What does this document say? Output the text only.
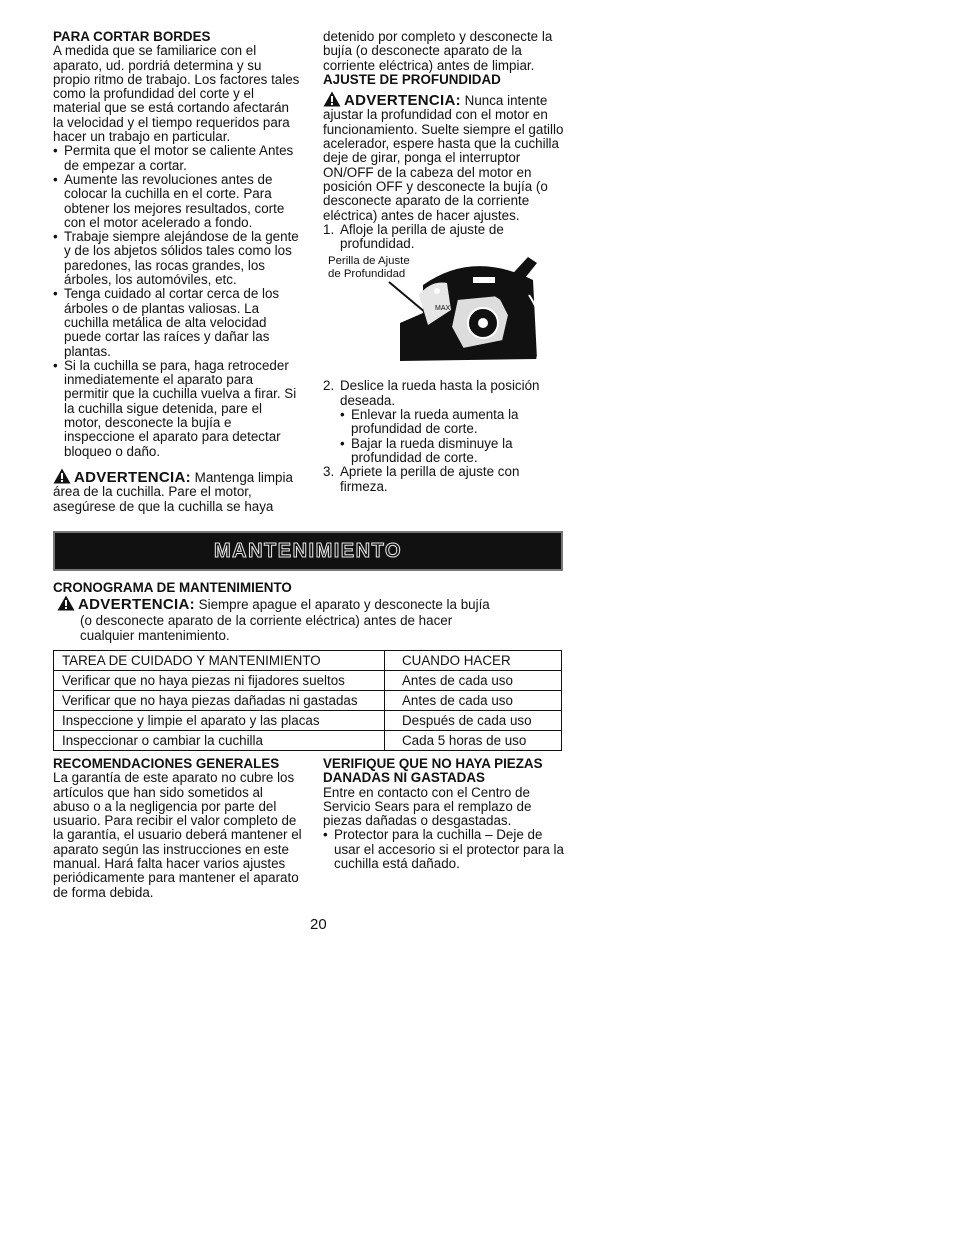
PARA CORTAR BORDES

A medida que se familiarice con el aparato, ud. pordriá determina y su propio ritmo de trabajo. Los factores tales como la profundidad del corte y el material que se está cortando afectarán la velocidad y el tiempo requeridos para hacer un trabajo en particular.

• Permita que el motor se caliente Antes de empezar a cortar.
• Aumente las revoluciones antes de colocar la cuchilla en el corte. Para obtener los mejores resultados, corte con el motor acelerado a fondo.
• Trabaje siempre alejándose de la gente y de los abjetos sólidos tales como los paredones, las rocas grandes, los árboles, los automóviles, etc.
• Tenga cuidado al cortar cerca de los árboles o de plantas valiosas. La cuchilla metálica de alta velocidad puede cortar las raíces y dañar las plantas.
• Si la cuchilla se para, haga retroceder inmediatemente el aparato para permitir que la cuchilla vuelva a firar. Si la cuchilla sigue detenida, pare el motor, desconecte la bujía e inspeccione el aparato para detectar bloqueo o daño.

ADVERTENCIA: Mantenga limpia área de la cuchilla. Pare el motor, asegúrese de que la cuchilla se haya

detenido por completo y desconecte la bujía (o desconecte aparato de la corriente eléctrica) antes de limpiar.

AJUSTE DE PROFUNDIDAD

ADVERTENCIA: Nunca intente ajustar la profundidad con el motor en funcionamiento. Suelte siempre el gatillo acelerador, espere hasta que la cuchilla deje de girar, ponga el interruptor ON/OFF de la cabeza del motor en posición OFF y desconecte la bujía (o desconecte aparato de la corriente eléctrica) antes de hacer ajustes.

1. Afloje la perilla de ajuste de profundidad.
Perilla de Ajuste
de Profundidad
MAX
2. Deslice la rueda hasta la posición deseada.
• Enlevar la rueda aumenta la profundidad de corte.
• Bajar la rueda disminuye la profundidad de corte.
3. Apriete la perilla de ajuste con firmeza.
MANTENIMIENTO

CRONOGRAMA DE MANTENIMIENTO

ADVERTENCIA: Siempre apague el aparato y desconecte la bujía

(o desconecte aparato de la corriente eléctrica) antes de hacer

cualquier mantenimiento.

TAREA DE CUIDADO Y MANTENIMIENTO	CUANDO HACER
Verificar que no haya piezas ni fijadores sueltos	Antes de cada uso
Verificar que no haya piezas dañadas ni gastadas	Antes de cada uso
Inspeccione y limpie el aparato y las placas	Después de cada uso
Inspeccionar o cambiar la cuchilla	Cada 5 horas de uso

RECOMENDACIONES GENERALES

La garantía de este aparato no cubre los artículos que han sido sometidos al abuso o a la negligencia por parte del usuario. Para recibir el valor completo de la garantía, el usuario deberá mantener el aparato según las instrucciones en este manual. Hará falta hacer varios ajustes periódicamente para mantener el aparato de forma debida.

VERIFIQUE QUE NO HAYA PIEZAS DANADAS NI GASTADAS

Entre en contacto con el Centro de Servicio Sears para el remplazo de piezas dañadas o desgastadas.

• Protector para la cuchilla – Deje de usar el accesorio si el protector para la cuchilla está dañado.
20
